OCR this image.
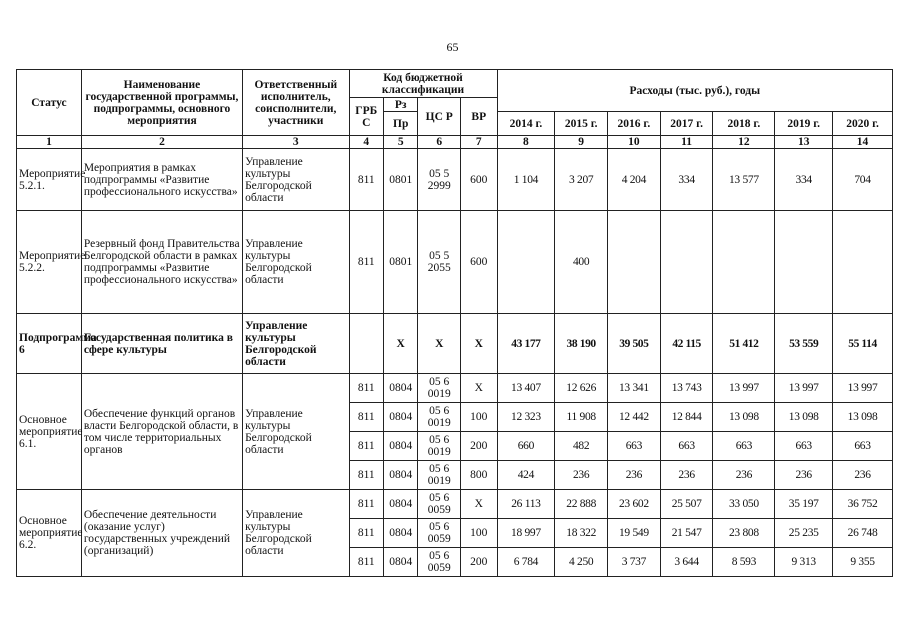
65
Статус	Наименование государственной программы, подпрограммы, основного мероприятия	Ответственный исполнитель, соисполнители, участники	Код бюджетной классификации				Расходы (тыс. руб.), годы						
			ГРБ С	Рз	ЦС Р	ВР							
				Пр			2014 г.	2015 г.	2016 г.	2017 г.	2018 г.	2019 г.	2020 г.
1	2	3	4	5	6	7	8	9	10	11	12	13	14
Мероприятие 5.2.1.	Мероприятия в рамках подпрограммы «Развитие профессионального искусства»	Управление культуры Белгородской области	811	0801	05 5 2999	600	1 104	3 207	4 204	334	13 577	334	704
Мероприятие 5.2.2.	Резервный фонд Правительства Белгородской области в рамках подпрограммы «Развитие профессионального искусства»	Управление культуры Белгородской области	811	0801	05 5 2055	600		400					
Подпрограмма 6	Государственная политика в сфере культуры	Управление культуры Белгородской области		Х	Х	Х	43 177	38 190	39 505	42 115	51 412	53 559	55 114
Основное мероприятие 6.1.	Обеспечение функций органов власти Белгородской области, в том числе территориальных органов	Управление культуры Белгородской области	811	0804	05 6 0019	Х	13 407	12 626	13 341	13 743	13 997	13 997	13 997
			811	0804	05 6 0019	100	12 323	11 908	12 442	12 844	13 098	13 098	13 098
			811	0804	05 6 0019	200	660	482	663	663	663	663	663
			811	0804	05 6 0019	800	424	236	236	236	236	236	236
Основное мероприятие 6.2.	Обеспечение деятельности (оказание услуг) государственных учреждений (организаций)	Управление культуры Белгородской области	811	0804	05 6 0059	Х	26 113	22 888	23 602	25 507	33 050	35 197	36 752
			811	0804	05 6 0059	100	18 997	18 322	19 549	21 547	23 808	25 235	26 748
			811	0804	05 6 0059	200	6 784	4 250	3 737	3 644	8 593	9 313	9 355
